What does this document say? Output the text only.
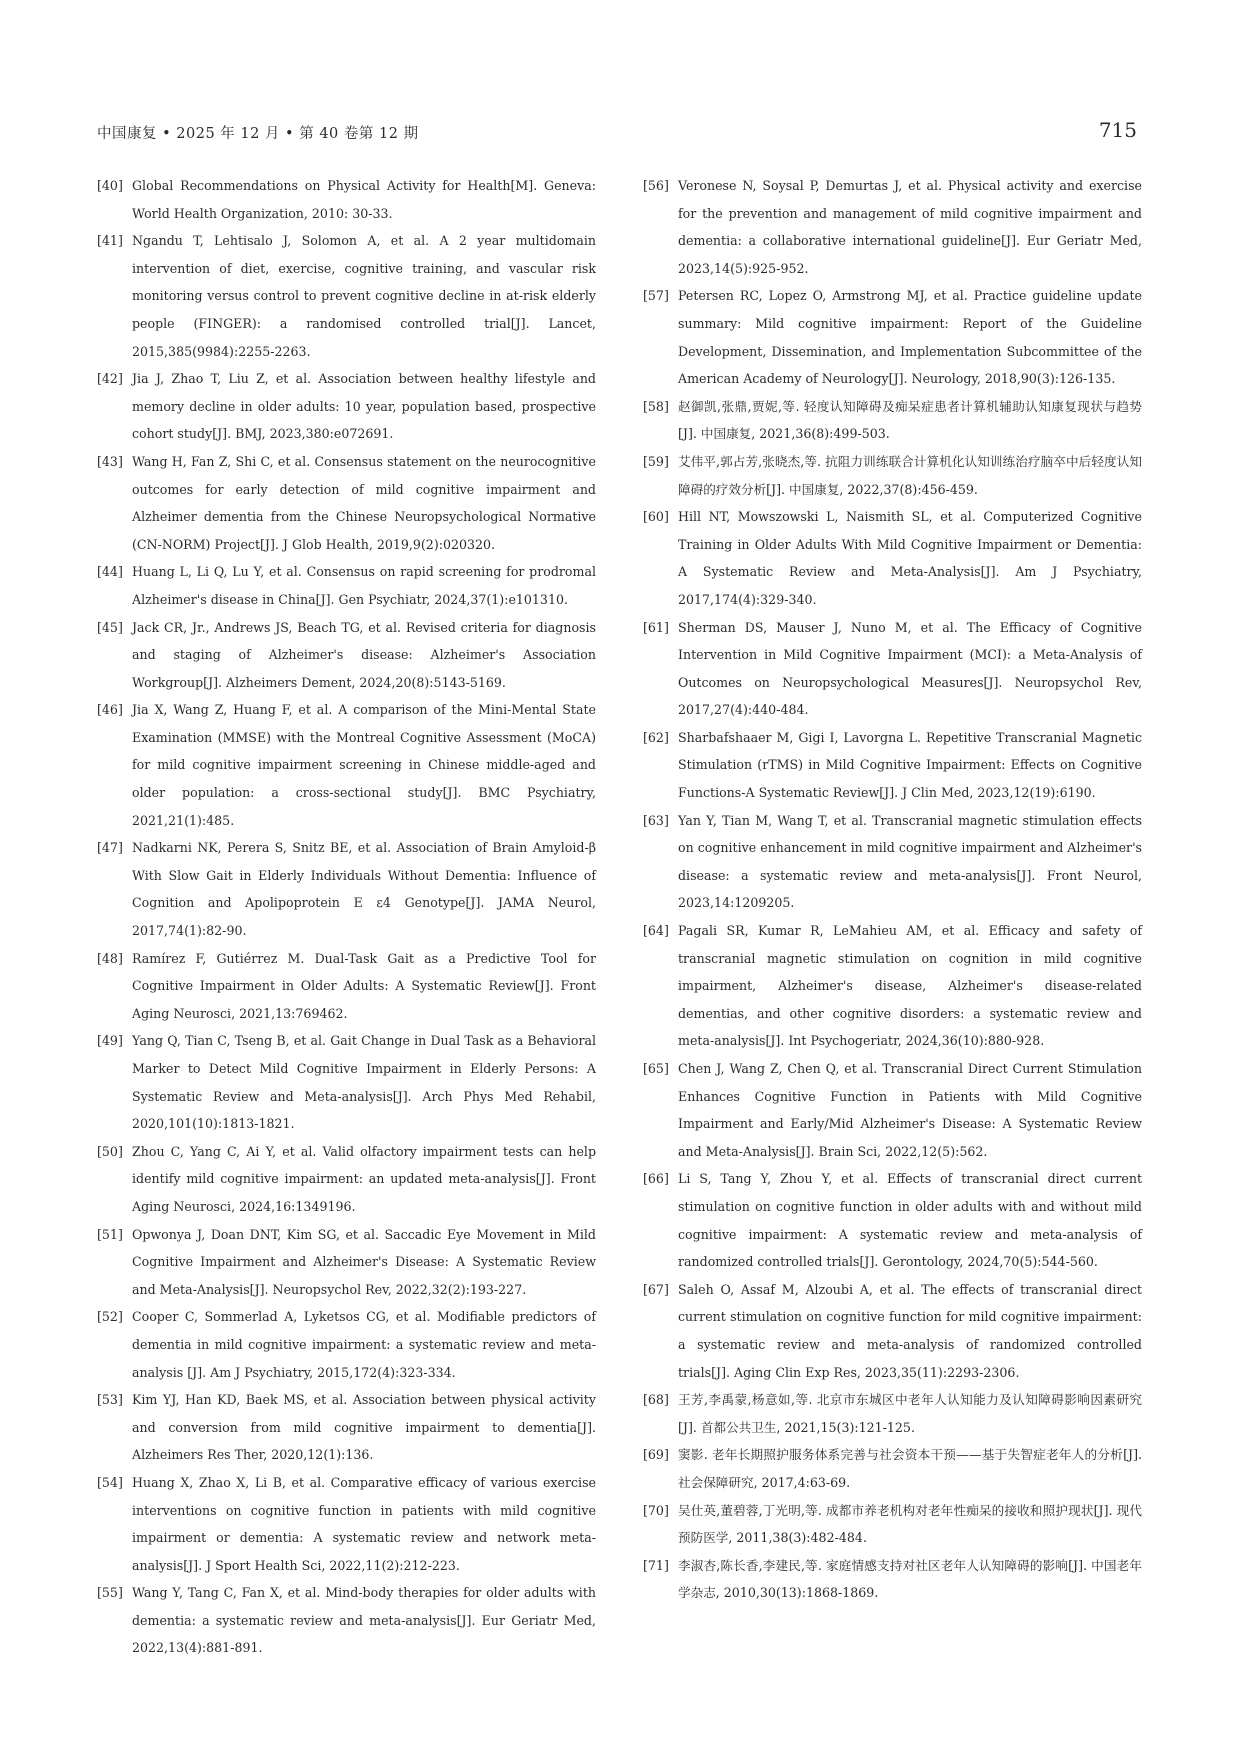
中国康复 • 2025 年 12 月 • 第 40 卷第 12 期	715
[40] Global Recommendations on Physical Activity for Health[M]. Geneva: World Health Organization, 2010: 30-33.
[41] Ngandu T, Lehtisalo J, Solomon A, et al. A 2 year multidomain intervention of diet, exercise, cognitive training, and vascular risk monitoring versus control to prevent cognitive decline in at-risk elderly people (FINGER): a randomised controlled trial[J]. Lancet, 2015,385(9984):2255-2263.
[42] Jia J, Zhao T, Liu Z, et al. Association between healthy lifestyle and memory decline in older adults: 10 year, population based, prospective cohort study[J]. BMJ, 2023,380:e072691.
[43] Wang H, Fan Z, Shi C, et al. Consensus statement on the neurocognitive outcomes for early detection of mild cognitive impairment and Alzheimer dementia from the Chinese Neuropsychological Normative (CN-NORM) Project[J]. J Glob Health, 2019,9(2):020320.
[44] Huang L, Li Q, Lu Y, et al. Consensus on rapid screening for prodromal Alzheimer's disease in China[J]. Gen Psychiatr, 2024,37(1):e101310.
[45] Jack CR, Jr., Andrews JS, Beach TG, et al. Revised criteria for diagnosis and staging of Alzheimer's disease: Alzheimer's Association Workgroup[J]. Alzheimers Dement, 2024,20(8):5143-5169.
[46] Jia X, Wang Z, Huang F, et al. A comparison of the Mini-Mental State Examination (MMSE) with the Montreal Cognitive Assessment (MoCA) for mild cognitive impairment screening in Chinese middle-aged and older population: a cross-sectional study[J]. BMC Psychiatry, 2021,21(1):485.
[47] Nadkarni NK, Perera S, Snitz BE, et al. Association of Brain Amyloid-β With Slow Gait in Elderly Individuals Without Dementia: Influence of Cognition and Apolipoprotein E ε4 Genotype[J]. JAMA Neurol, 2017,74(1):82-90.
[48] Ramírez F, Gutiérrez M. Dual-Task Gait as a Predictive Tool for Cognitive Impairment in Older Adults: A Systematic Review[J]. Front Aging Neurosci, 2021,13:769462.
[49] Yang Q, Tian C, Tseng B, et al. Gait Change in Dual Task as a Behavioral Marker to Detect Mild Cognitive Impairment in Elderly Persons: A Systematic Review and Meta-analysis[J]. Arch Phys Med Rehabil, 2020,101(10):1813-1821.
[50] Zhou C, Yang C, Ai Y, et al. Valid olfactory impairment tests can help identify mild cognitive impairment: an updated meta-analysis[J]. Front Aging Neurosci, 2024,16:1349196.
[51] Opwonya J, Doan DNT, Kim SG, et al. Saccadic Eye Movement in Mild Cognitive Impairment and Alzheimer's Disease: A Systematic Review and Meta-Analysis[J]. Neuropsychol Rev, 2022,32(2):193-227.
[52] Cooper C, Sommerlad A, Lyketsos CG, et al. Modifiable predictors of dementia in mild cognitive impairment: a systematic review and meta-analysis [J]. Am J Psychiatry, 2015,172(4):323-334.
[53] Kim YJ, Han KD, Baek MS, et al. Association between physical activity and conversion from mild cognitive impairment to dementia[J]. Alzheimers Res Ther, 2020,12(1):136.
[54] Huang X, Zhao X, Li B, et al. Comparative efficacy of various exercise interventions on cognitive function in patients with mild cognitive impairment or dementia: A systematic review and network meta-analysis[J]. J Sport Health Sci, 2022,11(2):212-223.
[55] Wang Y, Tang C, Fan X, et al. Mind-body therapies for older adults with dementia: a systematic review and meta-analysis[J]. Eur Geriatr Med, 2022,13(4):881-891.
[56] Veronese N, Soysal P, Demurtas J, et al. Physical activity and exercise for the prevention and management of mild cognitive impairment and dementia: a collaborative international guideline[J]. Eur Geriatr Med, 2023,14(5):925-952.
[57] Petersen RC, Lopez O, Armstrong MJ, et al. Practice guideline update summary: Mild cognitive impairment: Report of the Guideline Development, Dissemination, and Implementation Subcommittee of the American Academy of Neurology[J]. Neurology, 2018,90(3):126-135.
[58] 赵御凯,张鼎,贾妮,等. 轻度认知障碍及痴呆症患者计算机辅助认知康复现状与趋势[J]. 中国康复, 2021,36(8):499-503.
[59] 艾伟平,郭占芳,张晓杰,等. 抗阻力训练联合计算机化认知训练治疗脑卒中后轻度认知障碍的疗效分析[J]. 中国康复, 2022,37(8):456-459.
[60] Hill NT, Mowszowski L, Naismith SL, et al. Computerized Cognitive Training in Older Adults With Mild Cognitive Impairment or Dementia: A Systematic Review and Meta-Analysis[J]. Am J Psychiatry, 2017,174(4):329-340.
[61] Sherman DS, Mauser J, Nuno M, et al. The Efficacy of Cognitive Intervention in Mild Cognitive Impairment (MCI): a Meta-Analysis of Outcomes on Neuropsychological Measures[J]. Neuropsychol Rev, 2017,27(4):440-484.
[62] Sharbafshaaer M, Gigi I, Lavorgna L. Repetitive Transcranial Magnetic Stimulation (rTMS) in Mild Cognitive Impairment: Effects on Cognitive Functions-A Systematic Review[J]. J Clin Med, 2023,12(19):6190.
[63] Yan Y, Tian M, Wang T, et al. Transcranial magnetic stimulation effects on cognitive enhancement in mild cognitive impairment and Alzheimer's disease: a systematic review and meta-analysis[J]. Front Neurol, 2023,14:1209205.
[64] Pagali SR, Kumar R, LeMahieu AM, et al. Efficacy and safety of transcranial magnetic stimulation on cognition in mild cognitive impairment, Alzheimer's disease, Alzheimer's disease-related dementias, and other cognitive disorders: a systematic review and meta-analysis[J]. Int Psychogeriatr, 2024,36(10):880-928.
[65] Chen J, Wang Z, Chen Q, et al. Transcranial Direct Current Stimulation Enhances Cognitive Function in Patients with Mild Cognitive Impairment and Early/Mid Alzheimer's Disease: A Systematic Review and Meta-Analysis[J]. Brain Sci, 2022,12(5):562.
[66] Li S, Tang Y, Zhou Y, et al. Effects of transcranial direct current stimulation on cognitive function in older adults with and without mild cognitive impairment: A systematic review and meta-analysis of randomized controlled trials[J]. Gerontology, 2024,70(5):544-560.
[67] Saleh O, Assaf M, Alzoubi A, et al. The effects of transcranial direct current stimulation on cognitive function for mild cognitive impairment: a systematic review and meta-analysis of randomized controlled trials[J]. Aging Clin Exp Res, 2023,35(11):2293-2306.
[68] 王芳,李禹蒙,杨意如,等. 北京市东城区中老年人认知能力及认知障碍影响因素研究[J]. 首都公共卫生, 2021,15(3):121-125.
[69] 窦影. 老年长期照护服务体系完善与社会资本干预——基于失智症老年人的分析[J]. 社会保障研究, 2017,4:63-69.
[70] 吴仕英,董碧蓉,丁光明,等. 成都市养老机构对老年性痴呆的接收和照护现状[J]. 现代预防医学, 2011,38(3):482-484.
[71] 李淑杏,陈长香,李建民,等. 家庭情感支持对社区老年人认知障碍的影响[J]. 中国老年学杂志, 2010,30(13):1868-1869.
